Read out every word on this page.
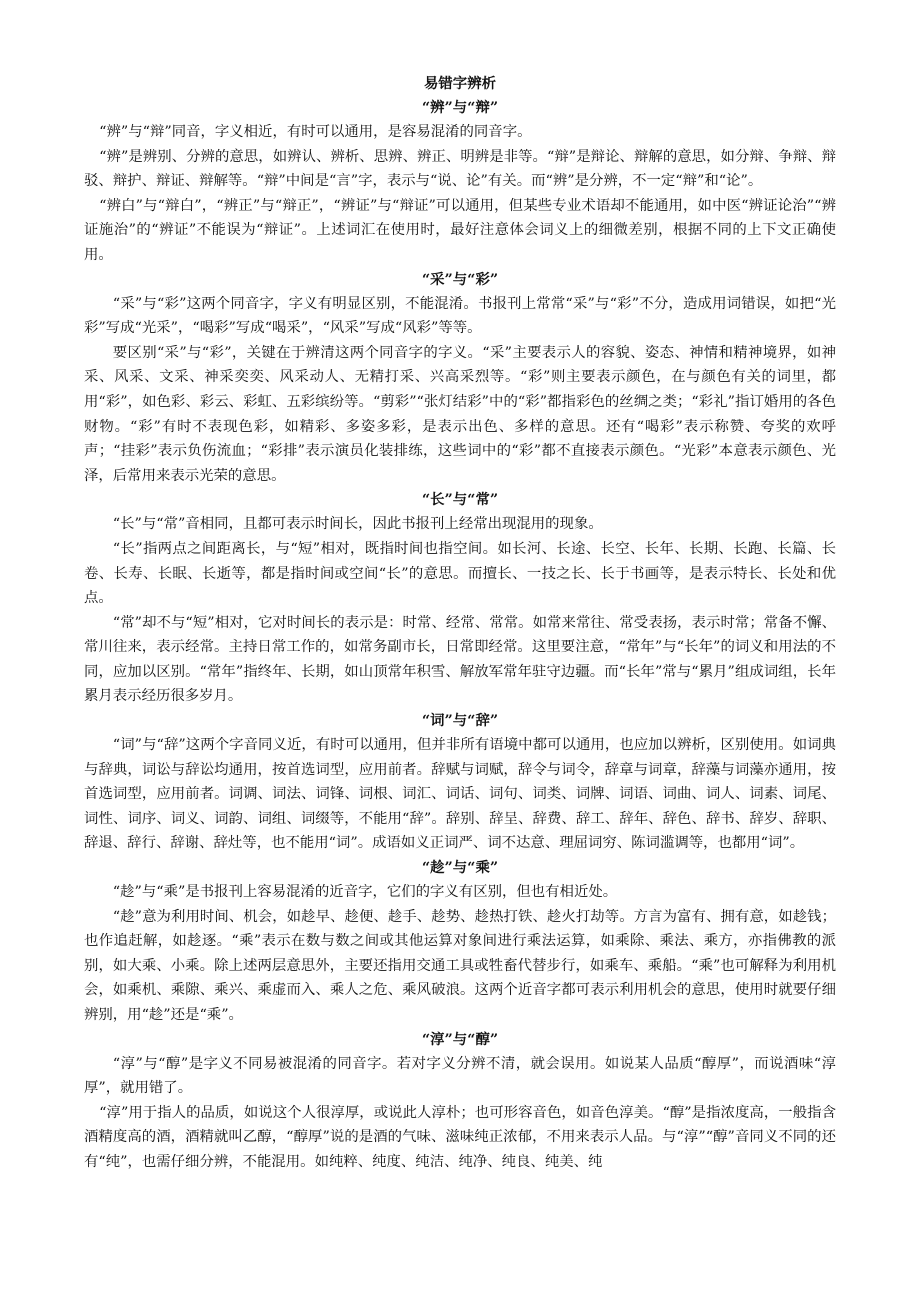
易错字辨析
“辨”与“辩”

“辨”与“辩”同音，字义相近，有时可以通用，是容易混淆的同音字。

“辨”是辨别、分辨的意思，如辨认、辨析、思辨、辨正、明辨是非等。“辩”是辩论、辩解的意思，如分辩、争辩、辩驳、辩护、辩证、辩解等。“辩”中间是“言”字，表示与“说、论”有关。而“辨”是分辨，不一定“辩”和“论”。

“辨白”与“辩白”，“辨正”与“辩正”，“辨证”与“辩证”可以通用，但某些专业术语却不能通用，如中医“辨证论治”“辨证施治”的“辨证”不能误为“辩证”。上述词汇在使用时，最好注意体会词义上的细微差别，根据不同的上下文正确使用。

“采”与“彩”

“采”与“彩”这两个同音字，字义有明显区别，不能混淆。书报刊上常常“采”与“彩”不分，造成用词错误，如把“光彩”写成“光采”，“喝彩”写成“喝采”，“风采”写成“风彩”等等。

要区别“采”与“彩”，关键在于辨清这两个同音字的字义。“采”主要表示人的容貌、姿态、神情和精神境界，如神采、风采、文采、神采奕奕、风采动人、无精打采、兴高采烈等。“彩”则主要表示颜色，在与颜色有关的词里，都用“彩”，如色彩、彩云、彩虹、五彩缤纷等。“剪彩”“张灯结彩”中的“彩”都指彩色的丝绸之类；“彩礼”指订婚用的各色财物。“彩”有时不表现色彩，如精彩、多姿多彩，是表示出色、多样的意思。还有“喝彩”表示称赞、夸奖的欢呼声；“挂彩”表示负伤流血；“彩排”表示演员化装排练，这些词中的“彩”都不直接表示颜色。“光彩”本意表示颜色、光泽，后常用来表示光荣的意思。

“长”与“常”

“长”与“常”音相同，且都可表示时间长，因此书报刊上经常出现混用的现象。

“长”指两点之间距离长，与“短”相对，既指时间也指空间。如长河、长途、长空、长年、长期、长跑、长篇、长卷、长寿、长眠、长逝等，都是指时间或空间“长”的意思。而擅长、一技之长、长于书画等，是表示特长、长处和优点。

“常”却不与“短”相对，它对时间长的表示是：时常、经常、常常。如常来常往、常受表扬，表示时常；常备不懈、常川往来，表示经常。主持日常工作的，如常务副市长，日常即经常。这里要注意，“常年”与“长年”的词义和用法的不同，应加以区别。“常年”指终年、长期，如山顶常年积雪、解放军常年驻守边疆。而“长年”常与“累月”组成词组，长年累月表示经历很多岁月。

“词”与“辞”

“词”与“辞”这两个字音同义近，有时可以通用，但并非所有语境中都可以通用，也应加以辨析，区别使用。如词典与辞典，词讼与辞讼均通用，按首选词型，应用前者。辞赋与词赋，辞令与词令，辞章与词章，辞藻与词藻亦通用，按首选词型，应用前者。词调、词法、词锋、词根、词汇、词话、词句、词类、词牌、词语、词曲、词人、词素、词尾、词性、词序、词义、词韵、词组、词缀等，不能用“辞”。辞别、辞呈、辞费、辞工、辞年、辞色、辞书、辞岁、辞职、辞退、辞行、辞谢、辞灶等，也不能用“词”。成语如义正词严、词不达意、理屈词穷、陈词滥调等，也都用“词”。

“趁”与“乘”

“趁”与“乘”是书报刊上容易混淆的近音字，它们的字义有区别，但也有相近处。

“趁”意为利用时间、机会，如趁早、趁便、趁手、趁势、趁热打铁、趁火打劫等。方言为富有、拥有意，如趁钱；也作追赶解，如趁逐。“乘”表示在数与数之间或其他运算对象间进行乘法运算，如乘除、乘法、乘方，亦指佛教的派别，如大乘、小乘。除上述两层意思外，主要还指用交通工具或牲畜代替步行，如乘车、乘船。“乘”也可解释为利用机会，如乘机、乘隙、乘兴、乘虚而入、乘人之危、乘风破浪。这两个近音字都可表示利用机会的意思，使用时就要仔细辨别，用“趁”还是“乘”。

“淳”与“醇”

“淳”与“醇”是字义不同易被混淆的同音字。若对字义分辨不清，就会误用。如说某人品质“醇厚”，而说酒味“淳厚”，就用错了。

“淳”用于指人的品质，如说这个人很淳厚，或说此人淳朴；也可形容音色，如音色淳美。“醇”是指浓度高，一般指含酒精度高的酒，酒精就叫乙醇，“醇厚”说的是酒的气味、滋味纯正浓郁，不用来表示人品。与“淳”“醇”音同义不同的还有“纯”，也需仔细分辨，不能混用。如纯粹、纯度、纯洁、纯净、纯良、纯美、纯
